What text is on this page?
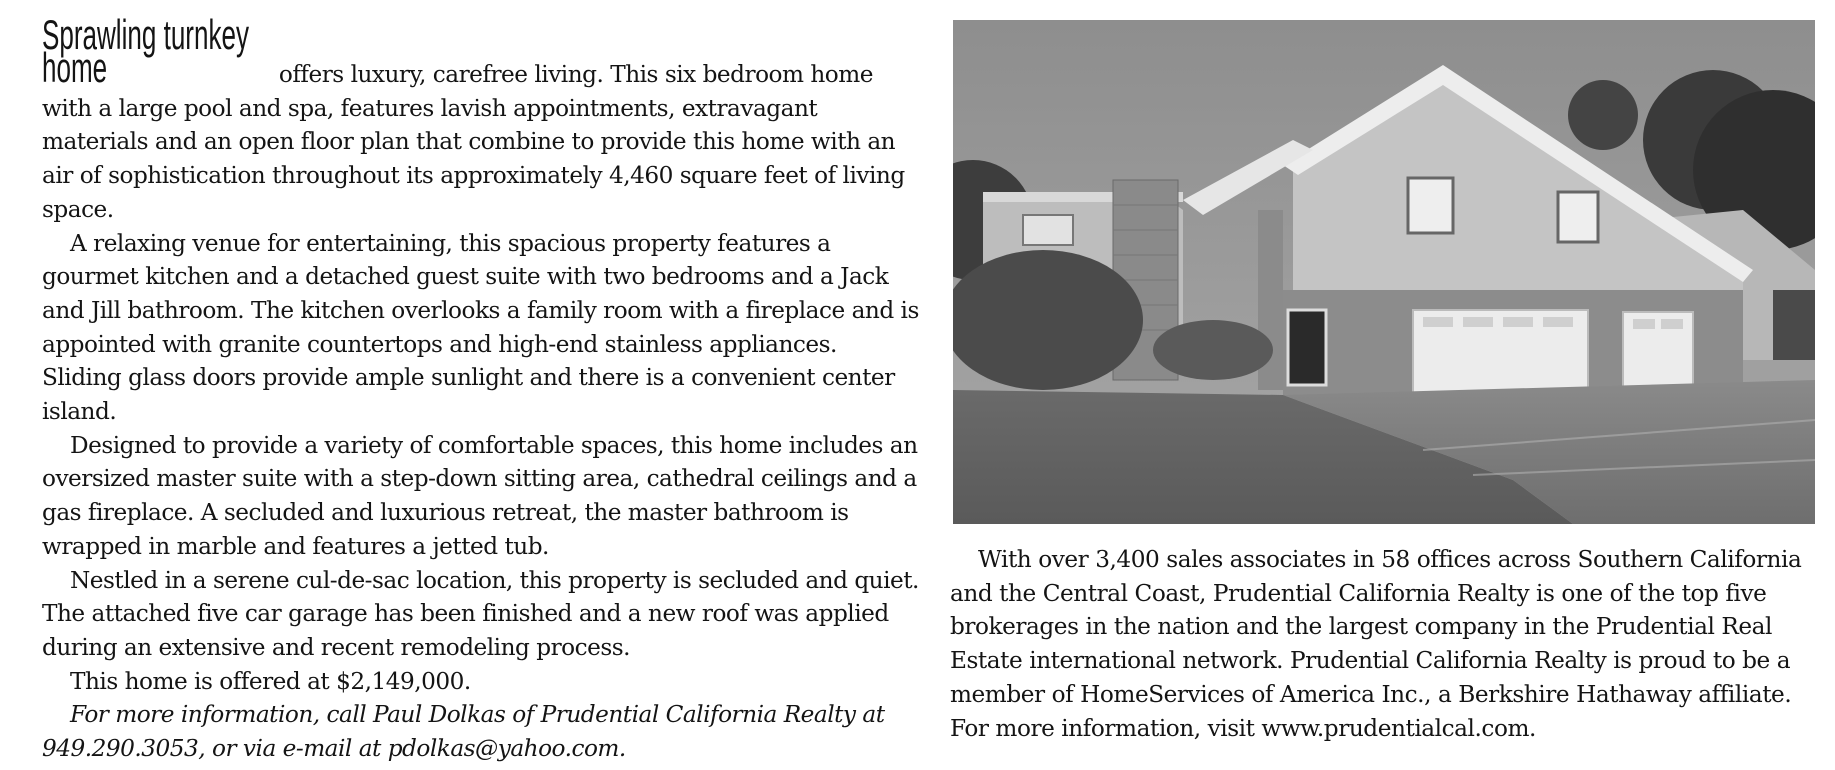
Sprawling turnkey home	offers luxury, carefree living. This six bedroom home with a large pool and spa, features lavish appointments, extravagant materials and an open floor plan that combine to provide this home with an air of sophistication throughout its approximately 4,460 square feet of living space.

A relaxing venue for entertaining, this spacious property features a gourmet kitchen and a detached guest suite with two bedrooms and a Jack and Jill bathroom. The kitchen overlooks a family room with a fireplace and is appointed with granite countertops and high-end stainless appliances. Sliding glass doors provide ample sunlight and there is a convenient center island.

Designed to provide a variety of comfortable spaces, this home includes an oversized master suite with a step-down sitting area, cathedral ceilings and a gas fireplace. A secluded and luxurious retreat, the master bathroom is wrapped in marble and features a jetted tub.

Nestled in a serene cul-de-sac location, this property is secluded and quiet. The attached five car garage has been finished and a new roof was applied during an extensive and recent remodeling process.

This home is offered at $2,149,000.

For more information, call Paul Dolkas of Prudential California Realty at 949.290.3053, or via e-mail at pdolkas@yahoo.com.

With over 3,400 sales associates in 58 offices across Southern California and the Central Coast, Prudential California Realty is one of the top five brokerages in the nation and the largest company in the Prudential Real Estate international network. Prudential California Realty is proud to be a member of HomeServices of America Inc., a Berkshire Hathaway affiliate. For more information, visit www.prudentialcal.com.
